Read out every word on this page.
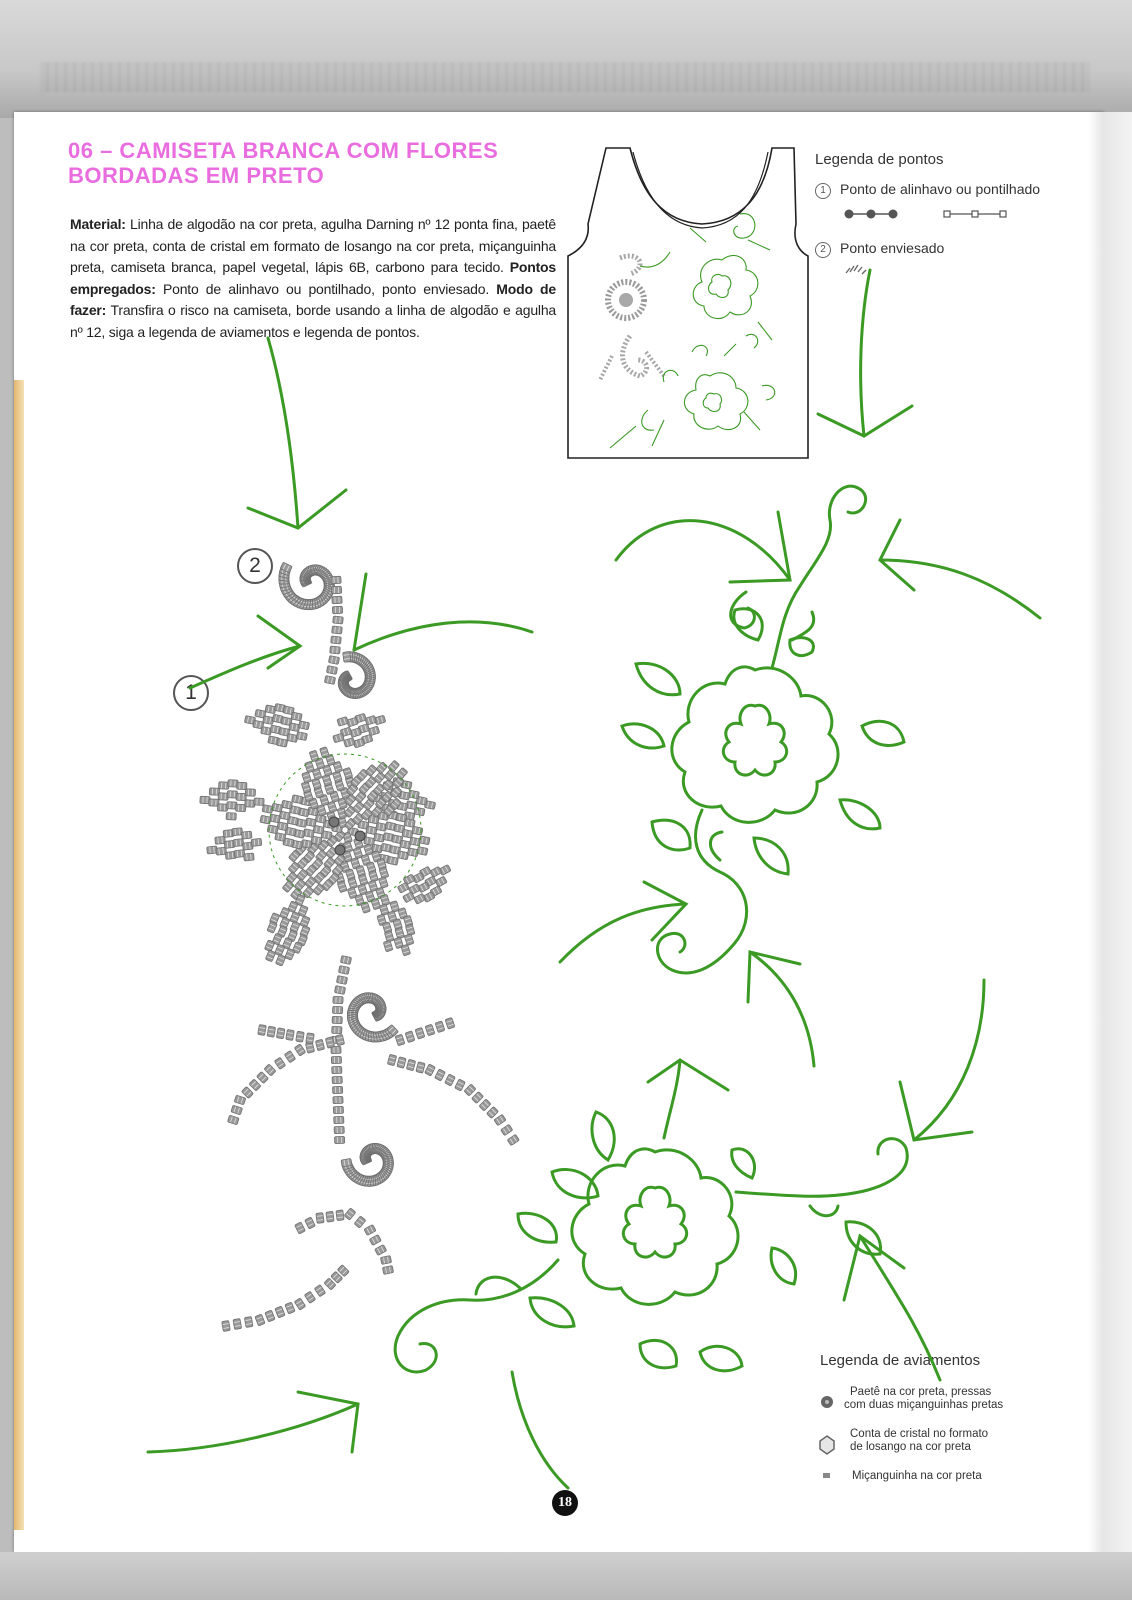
06 – CAMISETA BRANCA COM FLORES
BORDADAS EM PRETO
Material: Linha de algodão na cor preta, agulha Darning nº 12 ponta fina, paetê na cor preta, conta de cristal em formato de losango na cor preta, miçanguinha preta, camiseta branca, papel vegetal, lápis 6B, carbono para tecido. Pontos empregados: Ponto de alinhavo ou pontilhado, ponto enviesado. Modo de fazer: Transfira o risco na camiseta, borde usando a linha de algodão e agulha nº 12, siga a legenda de aviamentos e legenda de pontos.
Legenda de pontos
1 Ponto de alinhavo ou pontilhado
2 Ponto enviesado
Legenda de aviamentos
Paetê na cor preta, pressas
com duas miçanguinhas pretas
Conta de cristal no formato
de losango na cor preta
Miçanguinha na cor preta
2
1
18
